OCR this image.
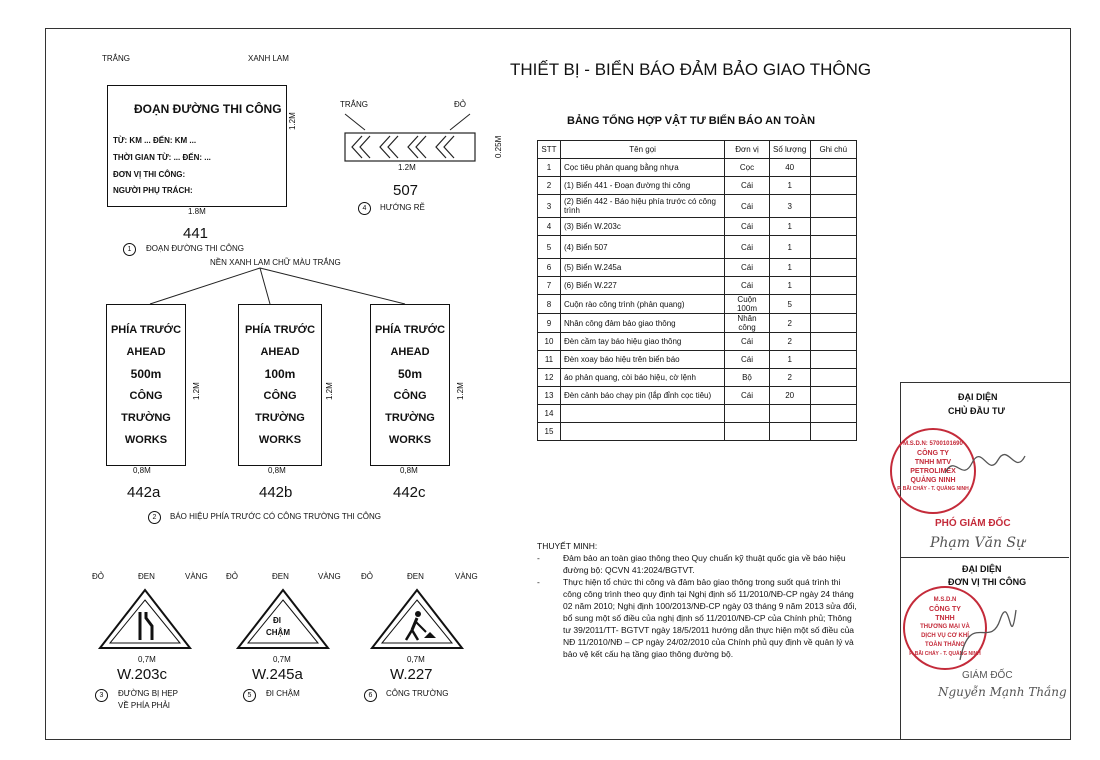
THIẾT BỊ - BIỂN BÁO ĐẢM BẢO GIAO THÔNG
TRẮNG	XANH LAM
ĐOẠN ĐƯỜNG THI CÔNG
TỪ: KM ... ĐẾN: KM ...
THỜI GIAN TỪ: ... ĐẾN: ...
ĐƠN VỊ THI CÔNG:
NGƯỜI PHỤ TRÁCH:
1.2M
1.8M
441
1	ĐOẠN ĐƯỜNG THI CÔNG
TRẮNG	ĐỎ
0.25M
1.2M
507
4	HƯỚNG RẼ
NỀN XANH LAM CHỮ MÀU TRẮNG
PHÍA TRƯỚC
AHEAD
500m
CÔNG TRƯỜNG
WORKS
1.2M
0,8M
442a
PHÍA TRƯỚC
AHEAD
100m
CÔNG TRƯỜNG
WORKS
1.2M
0,8M
442b
PHÍA TRƯỚC
AHEAD
50m
CÔNG TRƯỜNG
WORKS
1.2M
0,8M
442c
2	BÁO HIỆU PHÍA TRƯỚC CÓ CÔNG TRƯỜNG THI CÔNG
ĐỎ	ĐEN	VÀNG
0,7M
W.203c
3	ĐƯỜNG BỊ HẸP
VỀ PHÍA PHẢI
ĐỎ	ĐEN	VÀNG
ĐI
CHẬM
0,7M
W.245a
5	ĐI CHẬM
ĐỎ	ĐEN	VÀNG
0,7M
W.227
6	CÔNG TRƯỜNG
BẢNG TỔNG HỢP VẬT TƯ BIỂN BÁO AN TOÀN
STT	Tên gọi	Đơn vị	Số lượng	Ghi chú
1	Cọc tiêu phản quang bằng nhựa	Cọc	40	
2	(1) Biển 441 - Đoạn đường thi công	Cái	1	
3	(2) Biển 442 - Báo hiệu phía trước có công trình	Cái	3	
4	(3) Biển W.203c	Cái	1	
5	(4) Biển 507	Cái	1	
6	(5) Biển W.245a	Cái	1	
7	(6) Biển W.227	Cái	1	
8	Cuộn rào công trình (phản quang)	Cuộn 100m	5	
9	Nhân công đảm bảo giao thông	Nhân công	2	
10	Đèn cầm tay báo hiệu giao thông	Cái	2	
11	Đèn xoay báo hiệu trên biển báo	Cái	1	
12	áo phản quang, còi báo hiệu, cờ lệnh	Bộ	2	
13	Đèn cảnh báo chạy pin (lắp đỉnh cọc tiêu)	Cái	20	
14				
15				
THUYẾT MINH:
-	Đảm bảo an toàn giao thông theo Quy chuẩn kỹ thuật quốc gia về báo hiệu đường bộ: QCVN 41:2024/BGTVT.
-	Thực hiện tổ chức thi công và đảm bảo giao thông trong suốt quá trình thi công công trình theo quy định tại Nghị định số 11/2010/NĐ-CP ngày 24 tháng 02 năm 2010; Nghị định 100/2013/NĐ-CP ngày 03 tháng 9 năm 2013 sửa đổi, bổ sung một số điều của nghị định số 11/2010/NĐ-CP của Chính phủ; Thông tư 39/2011/TT- BGTVT ngày 18/5/2011 hướng dẫn thực hiện một số điều của NĐ 11/2010/NĐ – CP ngày 24/02/2010 của Chính phủ quy định về quản lý và bảo vệ kết cấu hạ tầng giao thông đường bộ.
ĐẠI DIỆN
CHỦ ĐẦU TƯ
M.S.D.N: 5700101690
CÔNG TY
TNHH MTV
PETROLIMEX
QUẢNG NINH
P. BÃI CHÁY - T. QUẢNG NINH
PHÓ GIÁM ĐỐC
Phạm Văn Sự
ĐẠI DIỆN
ĐƠN VỊ THI CÔNG
M.S.D.N
CÔNG TY
TNHH
THƯƠNG MẠI VÀ
DỊCH VỤ CƠ KHÍ
TOÀN THẮNG
P. BÃI CHÁY - T. QUẢNG NINH
GIÁM ĐỐC
Nguyễn Mạnh Thắng
